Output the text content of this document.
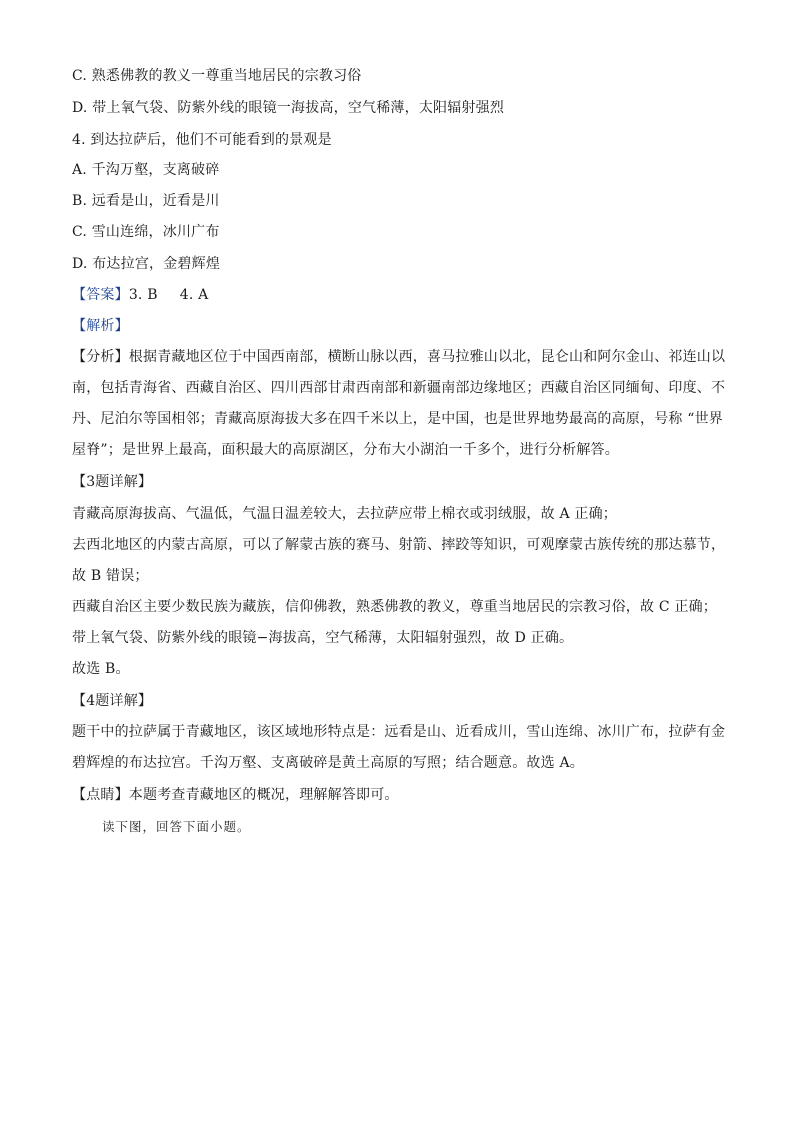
C. 熟悉佛教的教义一尊重当地居民的宗教习俗
D. 带上氧气袋、防紫外线的眼镜一海拔高，空气稀薄，太阳辐射强烈
4. 到达拉萨后，他们不可能看到的景观是
A. 千沟万壑，支离破碎
B. 远看是山，近看是川
C. 雪山连绵，冰川广布
D. 布达拉宫，金碧辉煌
【答案】3. B 4. A
【解析】
【分析】根据青藏地区位于中国西南部，横断山脉以西，喜马拉雅山以北，昆仑山和阿尔金山、祁连山以
南，包括青海省、西藏自治区、四川西部甘肃西南部和新疆南部边缘地区；西藏自治区同缅甸、印度、不
丹、尼泊尔等国相邻；青藏高原海拔大多在四千米以上，是中国，也是世界地势最高的高原，号称 “世界
屋脊”；是世界上最高，面积最大的高原湖区，分布大小湖泊一千多个，进行分析解答。
【3题详解】
青藏高原海拔高、气温低，气温日温差较大，去拉萨应带上棉衣或羽绒服，故 A 正确；
去西北地区的内蒙古高原，可以了解蒙古族的赛马、射箭、摔跤等知识，可观摩蒙古族传统的那达慕节，
故 B 错误；
西藏自治区主要少数民族为藏族，信仰佛教，熟悉佛教的教义，尊重当地居民的宗教习俗，故 C 正确；
带上氧气袋、防紫外线的眼镜−海拔高，空气稀薄，太阳辐射强烈，故 D 正确。
故选 B。
【4题详解】
题干中的拉萨属于青藏地区，该区域地形特点是：远看是山、近看成川，雪山连绵、冰川广布，拉萨有金
碧辉煌的布达拉宫。千沟万壑、支离破碎是黄土高原的写照；结合题意。故选 A。
【点睛】本题考查青藏地区的概况，理解解答即可。
读下图，回答下面小题。
